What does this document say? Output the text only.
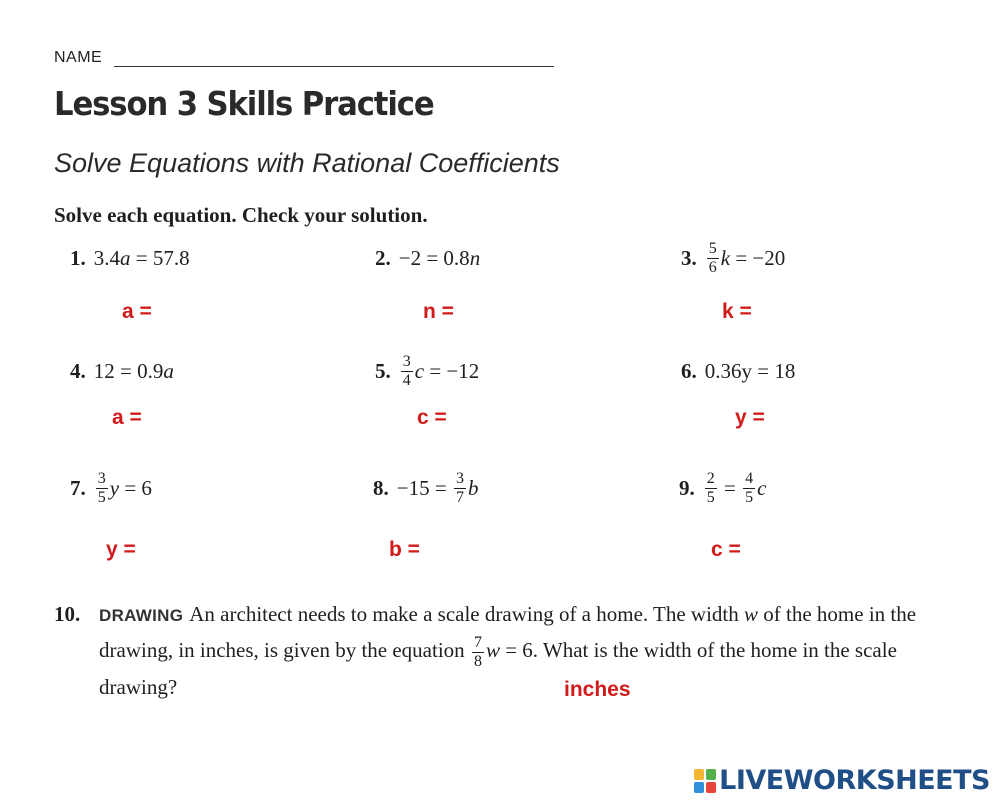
NAME
Lesson 3 Skills Practice
Solve Equations with Rational Coefficients
Solve each equation. Check your solution.
1. 3.4 a = 57.8	2. −2 = 0.8 n	3. $\frac{5}{6}$ k = −20
a =	n =	k =
4. 12 = 0.9 a	5. $\frac{3}{4}$ c = −12	6. 0.36 y = 18
a =	c =	y =
7. $\frac{3}{5}$ y = 6	8. $-15 = \frac{3}{7}$ b	9. $\frac{2}{5} = \frac{4}{5}$ c
y =	b =	c =
10. DRAWING An architect needs to make a scale drawing of a home. The width w of the home in the drawing, in inches, is given by the equation $\frac{7}{8}$ w = 6. What is the width of the home in the scale drawing?	inches
LIVEWORKSHEETS
